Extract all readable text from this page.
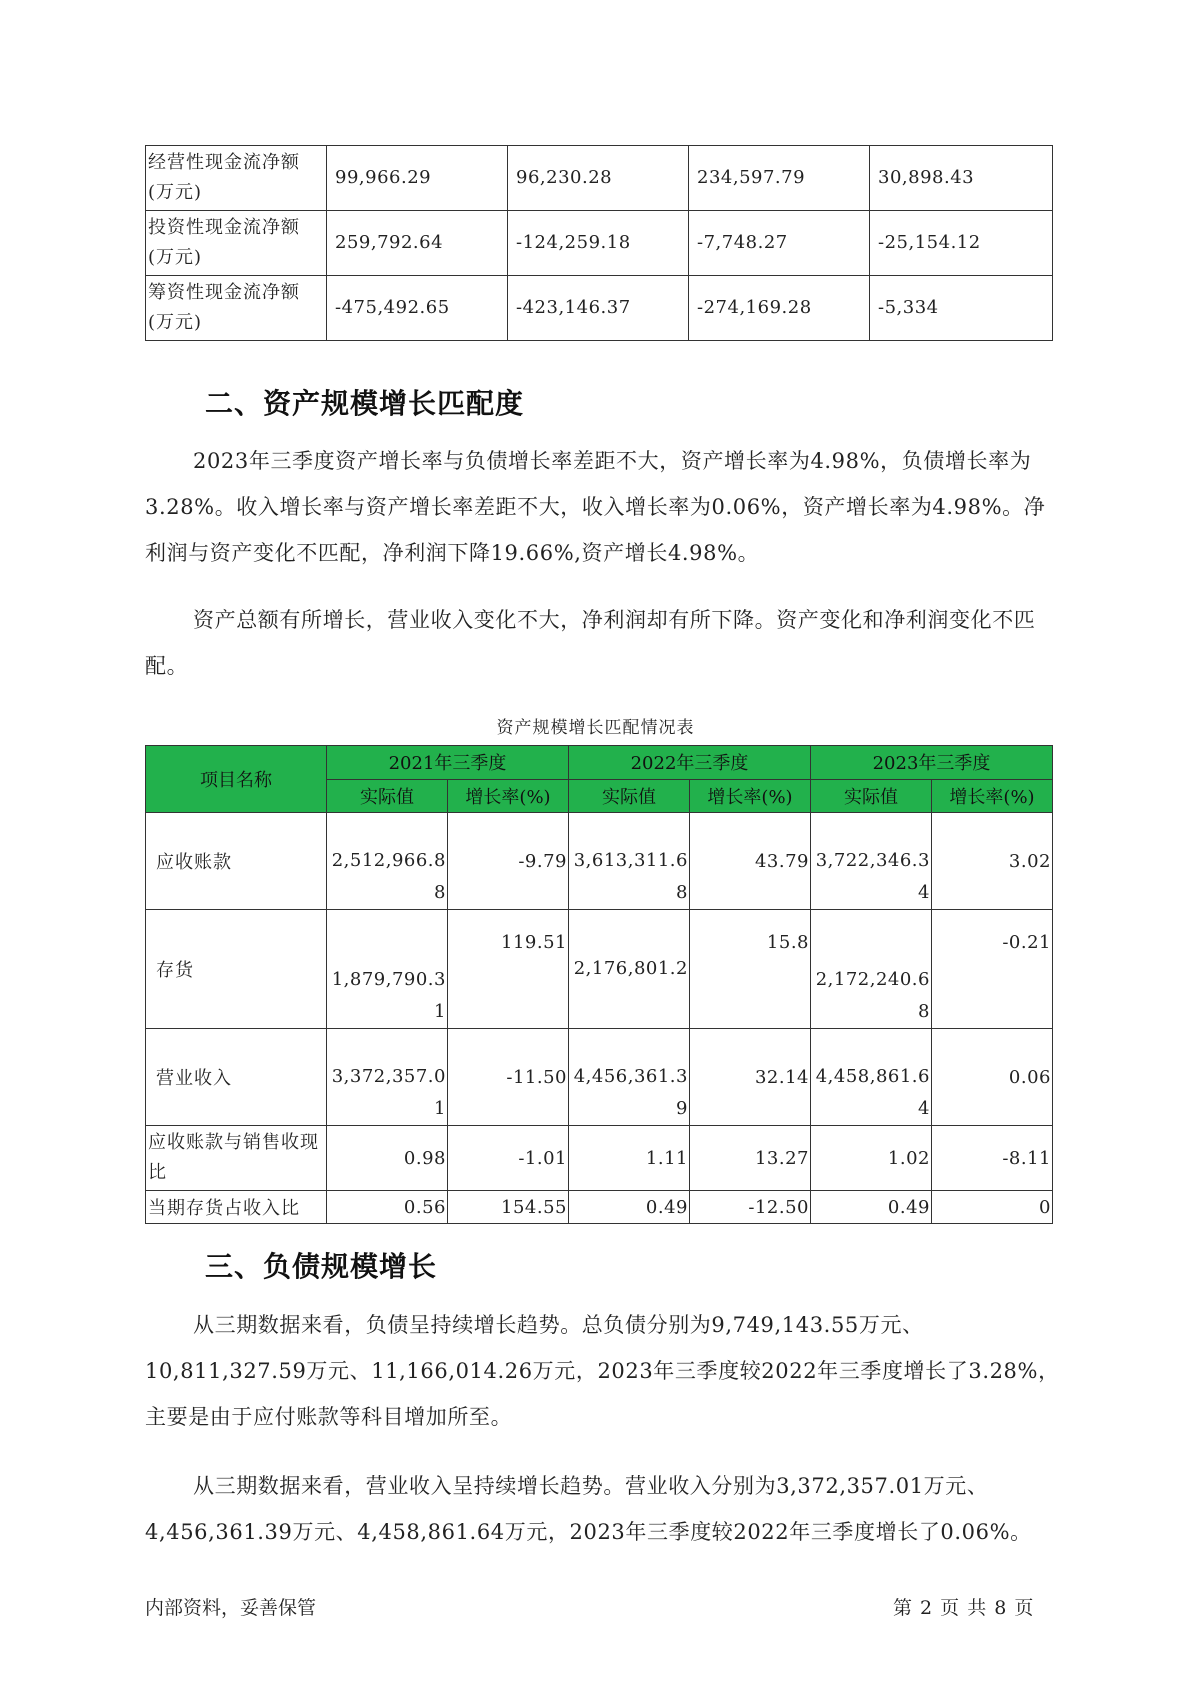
经营性现金流净额(万元)	99,966.29	96,230.28	234,597.79	30,898.43
投资性现金流净额(万元)	259,792.64	-124,259.18	-7,748.27	-25,154.12
筹资性现金流净额(万元)	-475,492.65	-423,146.37	-274,169.28	-5,334
二、资产规模增长匹配度

2023年三季度资产增长率与负债增长率差距不大，资产增长率为4.98%，负债增长率为3.28%。收入增长率与资产增长率差距不大，收入增长率为0.06%，资产增长率为4.98%。净利润与资产变化不匹配，净利润下降19.66%,资产增长4.98%。

资产总额有所增长，营业收入变化不大，净利润却有所下降。资产变化和净利润变化不匹配。

资产规模增长匹配情况表
项目名称	2021年三季度		2022年三季度		2023年三季度	
	实际值	增长率(%)	实际值	增长率(%)	实际值	增长率(%)
应收账款	2,512,966.88	-9.79	3,613,311.68	43.79	3,722,346.34	3.02
存货	1,879,790.31	119.51	2,176,801.2	15.8	2,172,240.68	-0.21
营业收入	3,372,357.01	-11.50	4,456,361.39	32.14	4,458,861.64	0.06
应收账款与销售收现比	0.98	-1.01	1.11	13.27	1.02	-8.11
当期存货占收入比	0.56	154.55	0.49	-12.50	0.49	0
三、负债规模增长

从三期数据来看，负债呈持续增长趋势。总负债分别为9,749,143.55万元、10,811,327.59万元、11,166,014.26万元，2023年三季度较2022年三季度增长了3.28%，主要是由于应付账款等科目增加所至。

从三期数据来看，营业收入呈持续增长趋势。营业收入分别为3,372,357.01万元、4,456,361.39万元、4,458,861.64万元，2023年三季度较2022年三季度增长了0.06%。

内部资料，妥善保管	第 2 页 共 8 页
